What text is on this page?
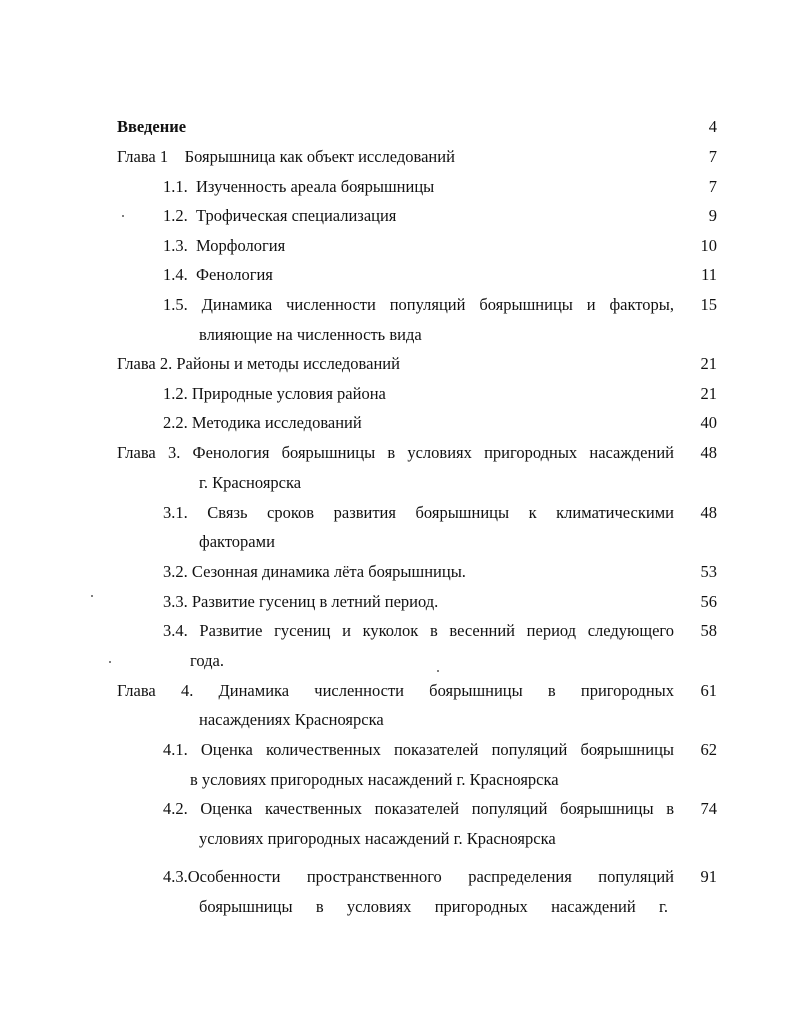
Введение	4
Глава 1    Боярышница как объект исследований	7
1.1.  Изученность ареала боярышницы	7
1.2.  Трофическая специализация	9
1.3.  Морфология	10
1.4.  Фенология	11
1.5. Динамика численности популяций боярышницы и факторы, 15
влияющие на численность вида
Глава 2. Районы и методы исследований	21
1.2. Природные условия района	21
2.2. Методика исследований	40
Глава 3. Фенология боярышницы в условиях пригородных насаждений 48
г. Красноярска
3.1. Связь сроков развития боярышницы к климатическими 48
факторами
3.2. Сезонная динамика лёта боярышницы.	53
3.3. Развитие гусениц в летний период.	56
3.4. Развитие гусениц и куколок в весенний период следующего 58
года.
Глава 4. Динамика численности боярышницы в пригородных 61
насаждениях Красноярска
4.1. Оценка количественных показателей популяций боярышницы 62
в условиях пригородных насаждений г. Красноярска
4.2. Оценка качественных показателей популяций боярышницы в 74
условиях пригородных насаждений г. Красноярска
4.3.Особенности пространственного распределения популяций 91
боярышницы в условиях пригородных насаждений г.
